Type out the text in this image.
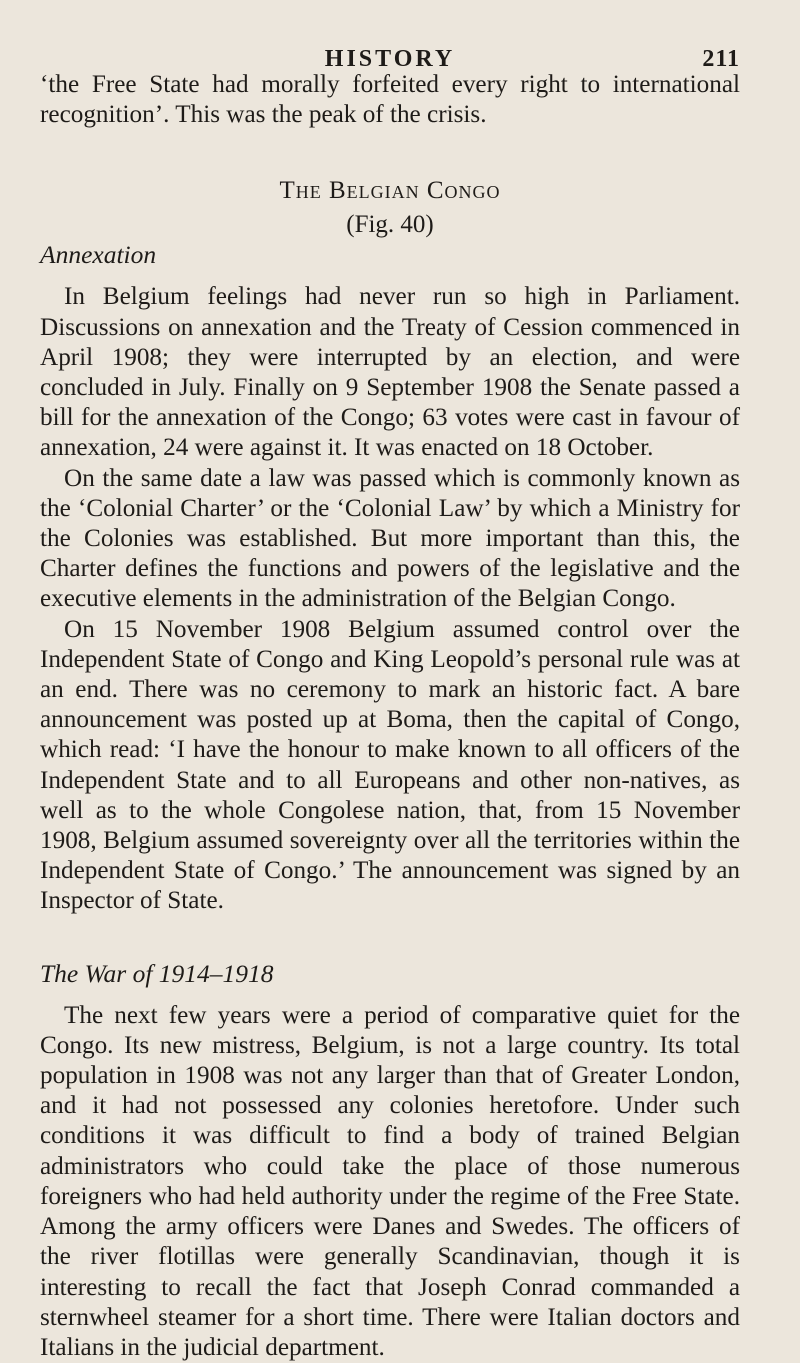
HISTORY	211

‘the Free State had morally forfeited every right to international recognition’. This was the peak of the crisis.

The Belgian Congo
(Fig. 40)
Annexation

In Belgium feelings had never run so high in Parliament. Discussions on annexation and the Treaty of Cession commenced in April 1908; they were interrupted by an election, and were concluded in July. Finally on 9 September 1908 the Senate passed a bill for the annexation of the Congo; 63 votes were cast in favour of annexation, 24 were against it. It was enacted on 18 October.

On the same date a law was passed which is commonly known as the ‘Colonial Charter’ or the ‘Colonial Law’ by which a Ministry for the Colonies was established. But more important than this, the Charter defines the functions and powers of the legislative and the executive elements in the administration of the Belgian Congo.

On 15 November 1908 Belgium assumed control over the Independent State of Congo and King Leopold’s personal rule was at an end. There was no ceremony to mark an historic fact. A bare announcement was posted up at Boma, then the capital of Congo, which read: ‘I have the honour to make known to all officers of the Independent State and to all Europeans and other non-natives, as well as to the whole Congolese nation, that, from 15 November 1908, Belgium assumed sovereignty over all the territories within the Independent State of Congo.’ The announcement was signed by an Inspector of State.

The War of 1914–1918

The next few years were a period of comparative quiet for the Congo. Its new mistress, Belgium, is not a large country. Its total population in 1908 was not any larger than that of Greater London, and it had not possessed any colonies heretofore. Under such conditions it was difficult to find a body of trained Belgian administrators who could take the place of those numerous foreigners who had held authority under the regime of the Free State. Among the army officers were Danes and Swedes. The officers of the river flotillas were generally Scandinavian, though it is interesting to recall the fact that Joseph Conrad commanded a sternwheel steamer for a short time. There were Italian doctors and Italians in the judicial department.
